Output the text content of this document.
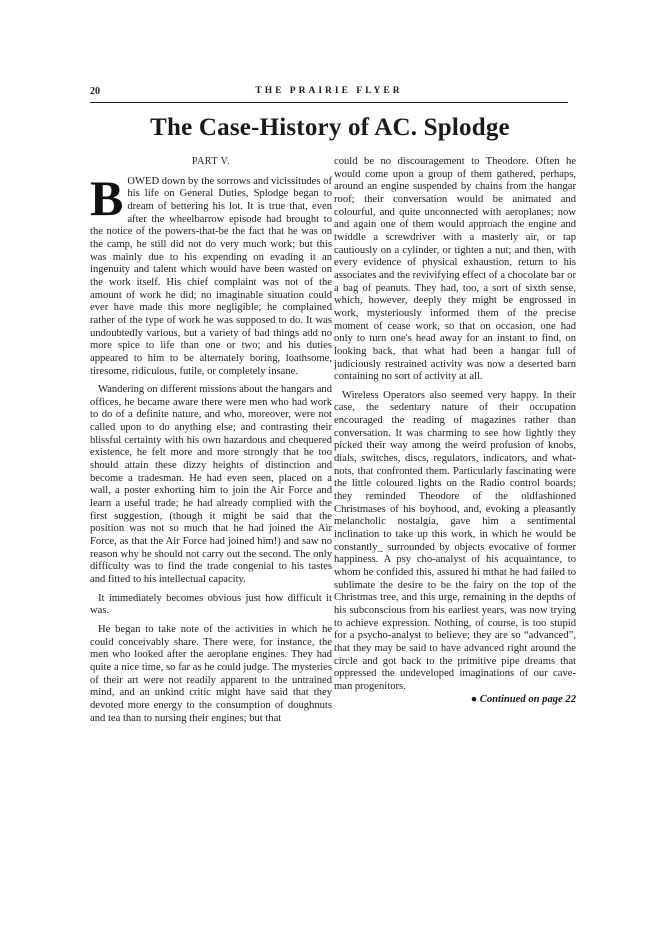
20	THE PRAIRIE FLYER
The Case-History of AC. Splodge
PART V.

BOWED down by the sorrows and vicissitudes of his life on General Duties, Splodge began to dream of bettering his lot. It is true that, even after the wheelbarrow episode had brought to the notice of the powers-that-be the fact that he was on the camp, he still did not do very much work; but this was mainly due to his expending on evading it an ingenuity and talent which would have been wasted on the work itself. His chief complaint was not of the amount of work he did; no imaginable situation could ever have made this more negligible; he complained rather of the type of work he was supposed to do. It was undoubtedly various, but a variety of bad things add no more spice to life than one or two; and his duties appeared to him to be alternately boring, loathsome, tiresome, ridiculous, futile, or completely insane.

Wandering on different missions about the hangars and offices, he became aware there were men who had work to do of a definite nature, and who, moreover, were not called upon to do anything else; and contrasting their blissful certainty with his own hazardous and chequered existence, he felt more and more strongly that he too should attain these dizzy heights of distinction and become a tradesman. He had even seen, placed on a wall, a poster exhorting him to join the Air Force and learn a useful trade; he had already complied with the first suggestion, (though it might be said that the position was not so much that he had joined the Air Force, as that the Air Force had joined him!) and saw no reason why he should not carry out the second. The only difficulty was to find the trade congenial to his tastes and fitted to his intellectual capacity.

It immediately becomes obvious just how difficult it was.

He began to take note of the activities in which he could conceivably share. There were, for instance, the men who looked after the aeroplane engines. They had quite a nice time, so far as he could judge. The mysteries of their art were not readily apparent to the untrained mind, and an unkind critic might have said that they devoted more energy to the consumption of doughnuts and tea than to nursing their engines; but that

could be no discouragement to Theodore. Often he would come upon a group of them gathered, perhaps, around an engine suspended by chains from the hangar roof; their conversation would be animated and colourful, and quite unconnected with aeroplanes; now and again one of them would approach the engine and twiddle a screwdriver with a masterly air, or tap cautiously on a cylinder, or tighten a nut; and then, with every evidence of physical exhaustion, return to his associates and the revivifying effect of a chocolate bar or a bag of peanuts. They had, too, a sort of sixth sense, which, however, deeply they might be engrossed in work, mysteriously informed them of the precise moment of cease work, so that on occasion, one had only to turn one's head away for an instant to find, on looking back, that what had been a hangar full of judiciously restrained activity was now a deserted barn containing no sort of activity at all.

Wireless Operators also seemed very happy. In their case, the sedentary nature of their occupation encouraged the reading of magazines rather than conversation. It was charming to see how lightly they picked their way among the weird profusion of knobs, dials, switches, discs, regulators, indicators, and what-nots, that confronted them. Particularly fascinating were the little coloured lights on the Radio control boards; they reminded Theodore of the oldfashioned Christmases of his boyhood, and, evoking a pleasantly melancholic nostalgia, gave him a sentimental inclination to take up this work, in which he would be constantly_ surrounded by objects evocative of former happiness. A psy cho-analyst of his acquaintance, to whom he confided this, assured hi mthat he had failed to sublimate the desire to be the fairy on the top of the Christmas tree, and this urge, remaining in the depths of his subconscious from his earliest years, was now trying to achieve expression. Nothing, of course, is too stupid for a psycho-analyst to believe; they are so “advanced”, that they may be said to have advanced right around the circle and got back to the primitive pipe dreams that oppressed the undeveloped imaginations of our cave-man progenitors.

● Continued on page 22
